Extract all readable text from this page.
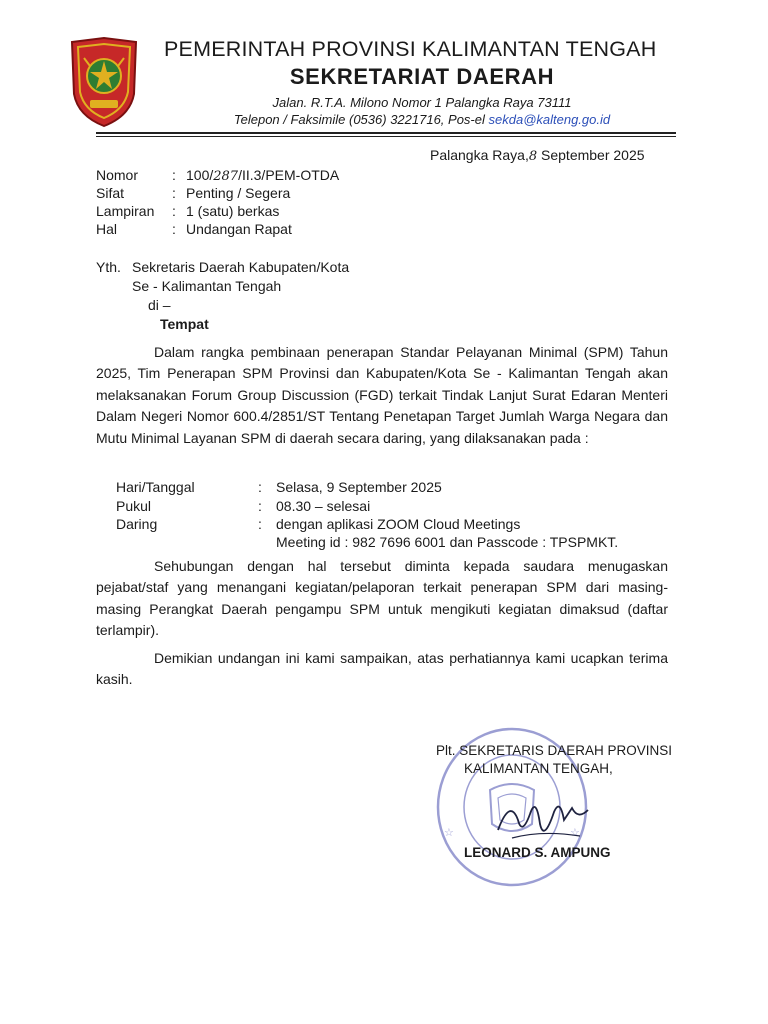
PEMERINTAH PROVINSI KALIMANTAN TENGAH
SEKRETARIAT DAERAH
Jalan. R.T.A. Milono Nomor 1 Palangka Raya 73111
Telepon / Faksimile (0536) 3221716, Pos-el sekda@kalteng.go.id
Palangka Raya,8 September 2025
Nomor : 100/287/II.3/PEM-OTDA
Sifat	: Penting / Segera
Lampiran : 1 (satu) berkas
Hal	: Undangan Rapat
Yth. Sekretaris Daerah Kabupaten/Kota
Se - Kalimantan Tengah
di –
Tempat
Dalam rangka pembinaan penerapan Standar Pelayanan Minimal (SPM) Tahun 2025, Tim Penerapan SPM Provinsi dan Kabupaten/Kota Se - Kalimantan Tengah akan melaksanakan Forum Group Discussion (FGD) terkait Tindak Lanjut Surat Edaran Menteri Dalam Negeri Nomor 600.4/2851/ST Tentang Penetapan Target Jumlah Warga Negara dan Mutu Minimal Layanan SPM di daerah secara daring, yang dilaksanakan pada :
Hari/Tanggal	: Selasa, 9 September 2025
Pukul	: 08.30 – selesai
Daring	: dengan aplikasi ZOOM Cloud Meetings
Meeting id : 982 7696 6001 dan Passcode : TPSPMKT.
Sehubungan dengan hal tersebut diminta kepada saudara menugaskan pejabat/staf yang menangani kegiatan/pelaporan terkait penerapan SPM dari masing-masing Perangkat Daerah pengampu SPM untuk mengikuti kegiatan dimaksud (daftar terlampir).
Demikian undangan ini kami sampaikan, atas perhatiannya kami ucapkan terima kasih.
☆	☆
Plt. SEKRETARIS DAERAH PROVINSI
KALIMANTAN TENGAH,
LEONARD S. AMPUNG
